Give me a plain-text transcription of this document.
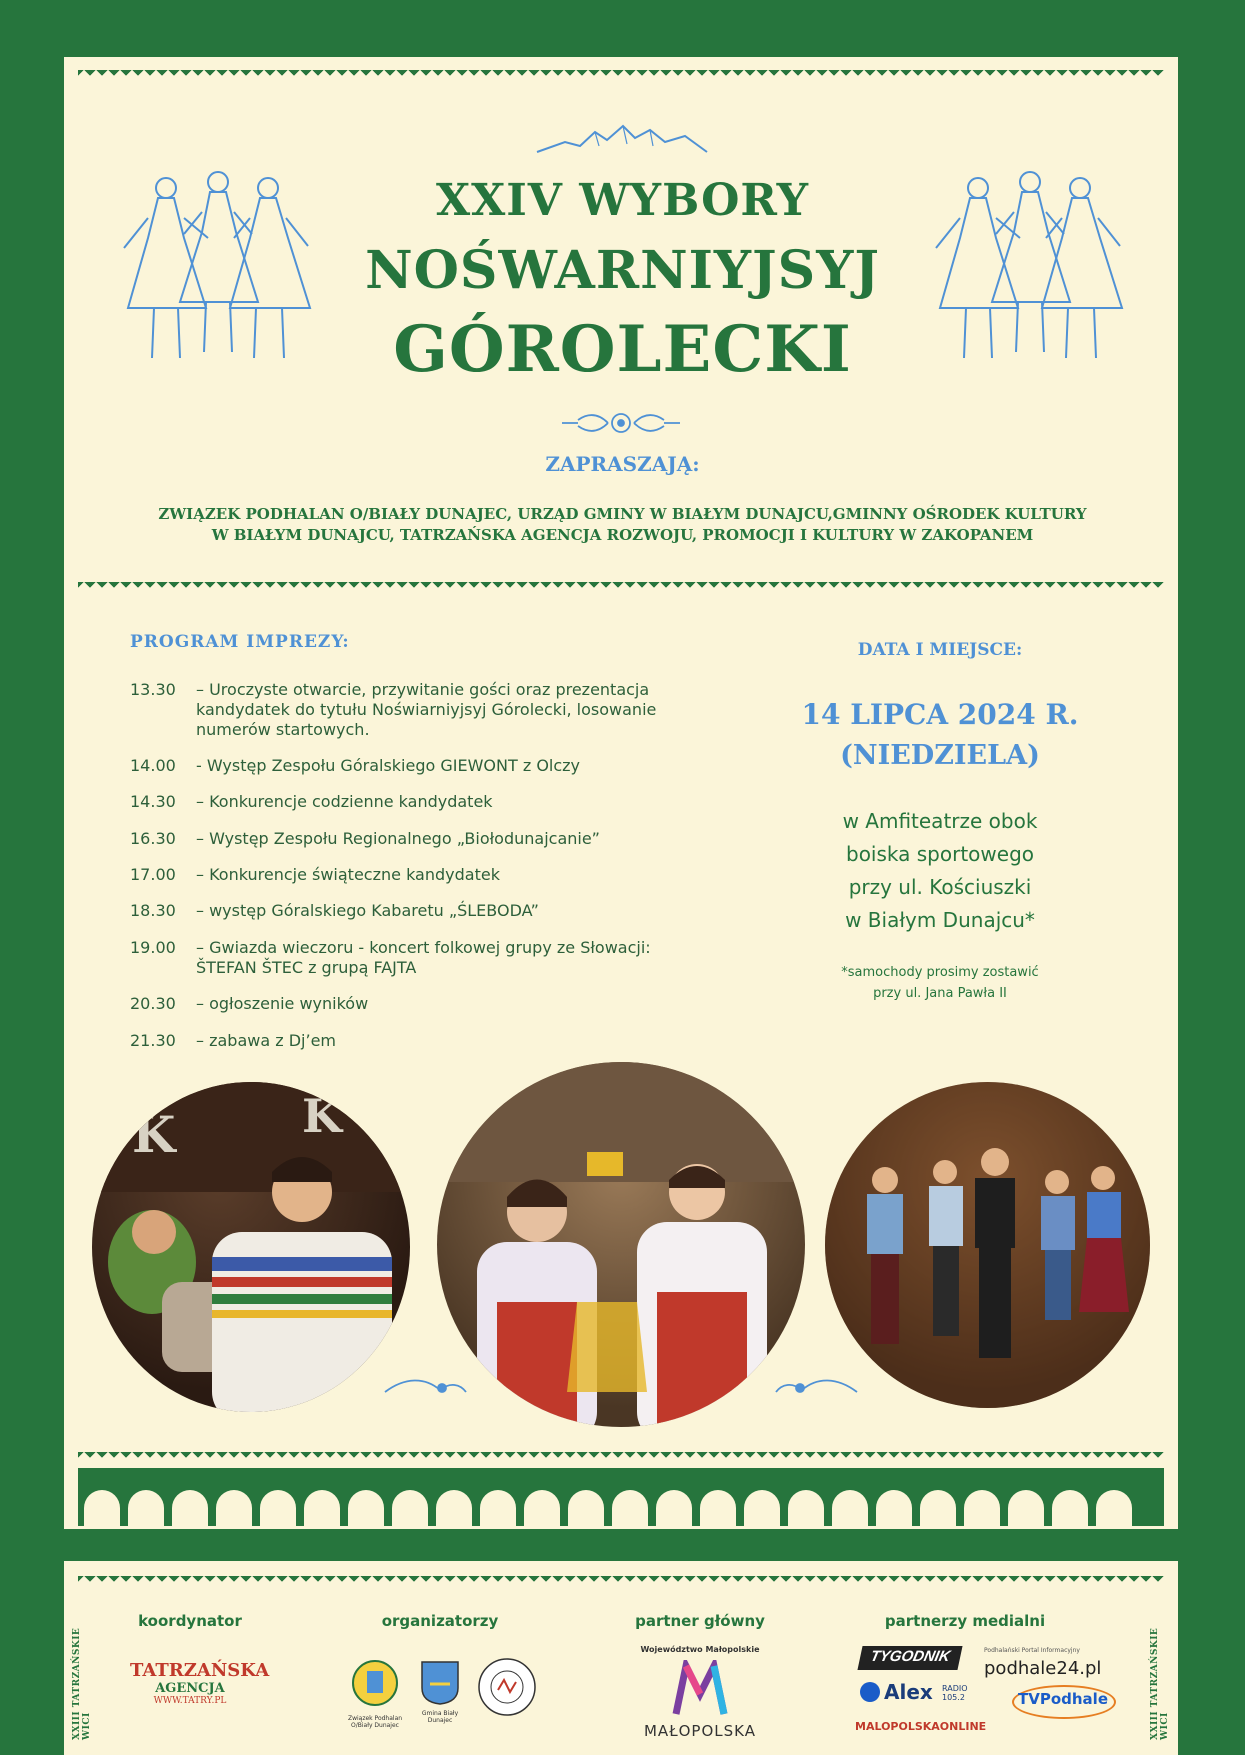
XXIV WYBORY
NOŚWARNIYJSYJ
GÓROLECKI
ZAPRASZAJĄ:
ZWIĄZEK PODHALAN O/BIAŁY DUNAJEC, URZĄD GMINY W BIAŁYM DUNAJCU,GMINNY OŚRODEK KULTURY
W BIAŁYM DUNAJCU, TATRZAŃSKA AGENCJA ROZWOJU, PROMOCJI I KULTURY W ZAKOPANEM
PROGRAM IMPREZY:
13.30 – Uroczyste otwarcie, przywitanie gości oraz prezentacja kandydatek do tytułu Noświarniyjsyj Górolecki, losowanie numerów startowych.
14.00 - Występ Zespołu Góralskiego GIEWONT z Olczy
14.30 – Konkurencje codzienne kandydatek
16.30 – Występ Zespołu Regionalnego „Biołodunajcanie”
17.00 – Konkurencje świąteczne kandydatek
18.30 – występ Góralskiego Kabaretu „ŚLEBODA”
19.00 – Gwiazda wieczoru - koncert folkowej grupy ze Słowacji: ŠTEFAN ŠTEC z grupą FAJTA
20.30 – ogłoszenie wyników
21.30 – zabawa z Dj’em
DATA I MIEJSCE:
14 LIPCA 2024 R.
(NIEDZIELA)
w Amfiteatrze obok
boiska sportowego
przy ul. Kościuszki
w Białym Dunajcu*
*samochody prosimy zostawić
przy ul. Jana Pawła II
K	K
XXIII TATRZAŃSKIE WICI	XXIII TATRZAŃSKIE WICI
koordynator	organizatorzy	partner główny	partnerzy medialni
TATRZAŃSKA
AGENCJA
WWW.TATRY.PL
Związek Podhalan O/Biały Dunajec
Gmina Biały Dunajec
Województwo Małopolskie
MAŁOPOLSKA
TYGODNIK	Podhalański Portal Informacyjny
podhale24.pl
Alex RADIO 105.2	TVPodhale
MALOPOLSKAONLINE
